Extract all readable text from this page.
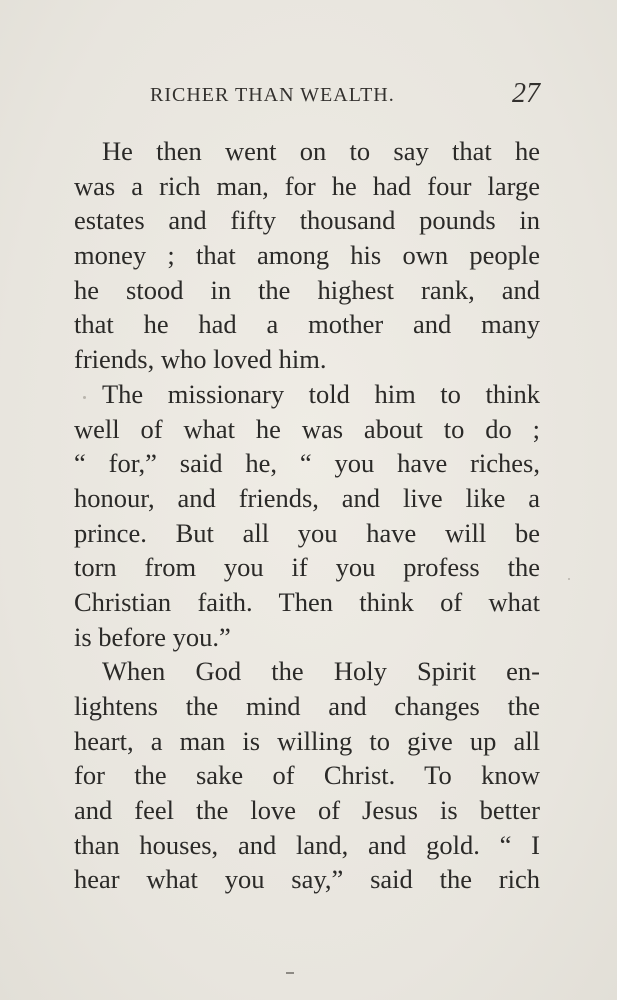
RICHER THAN WEALTH.	27
He then went on to say that he
was a rich man, for he had four large
estates and fifty thousand pounds in
money ; that among his own people
he stood in the highest rank, and
that he had a mother and many
friends, who loved him.
The missionary told him to think
well of what he was about to do ;
“ for,” said he, “ you have riches,
honour, and friends, and live like a
prince. But all you have will be
torn from you if you profess the
Christian faith. Then think of what
is before you.”
When God the Holy Spirit en-
lightens the mind and changes the
heart, a man is willing to give up all
for the sake of Christ. To know
and feel the love of Jesus is better
than houses, and land, and gold. “ I
hear what you say,” said the rich
